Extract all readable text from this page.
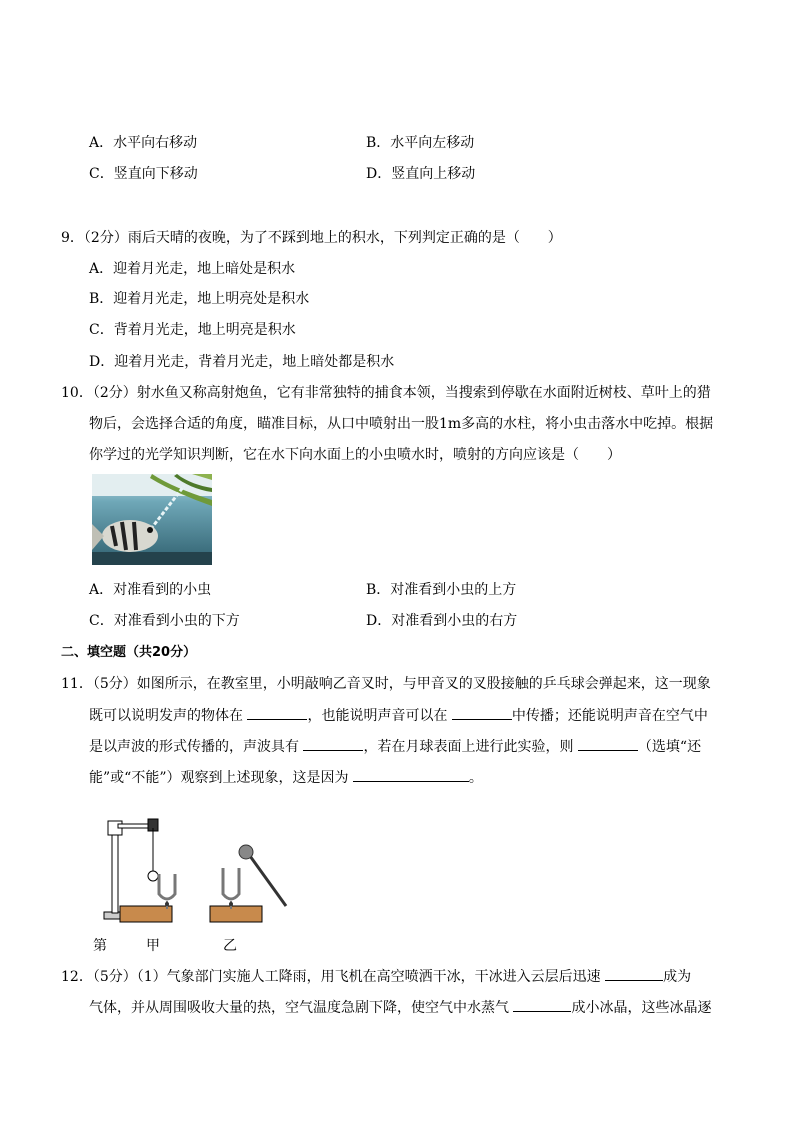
A．水平向右移动	B．水平向左移动
C．竖直向下移动	D．竖直向上移动
9．（2分）雨后天晴的夜晚，为了不踩到地上的积水，下列判定正确的是（　　）
A．迎着月光走，地上暗处是积水
B．迎着月光走，地上明亮处是积水
C．背着月光走，地上明亮是积水
D．迎着月光走，背着月光走，地上暗处都是积水
10．（2分）射水鱼又称高射炮鱼，它有非常独特的捕食本领，当搜索到停歇在水面附近树枝、草叶上的猎
物后，会选择合适的角度，瞄准目标，从口中喷射出一股1m多高的水柱，将小虫击落水中吃掉。根据
你学过的光学知识判断，它在水下向水面上的小虫喷水时，喷射的方向应该是（　　）
A．对准看到的小虫	B．对准看到小虫的上方
C．对准看到小虫的下方	D．对准看到小虫的右方
二、填空题（共20分）
11．（5分）如图所示，在教室里，小明敲响乙音叉时，与甲音叉的叉股接触的乒乓球会弹起来，这一现象
既可以说明发声的物体在	，也能说明声音可以在	中传播；还能说明声音在空气中
是以声波的形式传播的，声波具有	，若在月球表面上进行此实验，则	（选填“还
能”或“不能”）观察到上述现象，这是因为	。
第	甲	乙
12．（5分）（1）气象部门实施人工降雨，用飞机在高空喷洒干冰，干冰进入云层后迅速	成为
气体，并从周围吸收大量的热，空气温度急剧下降，使空气中水蒸气	成小冰晶，这些冰晶逐
